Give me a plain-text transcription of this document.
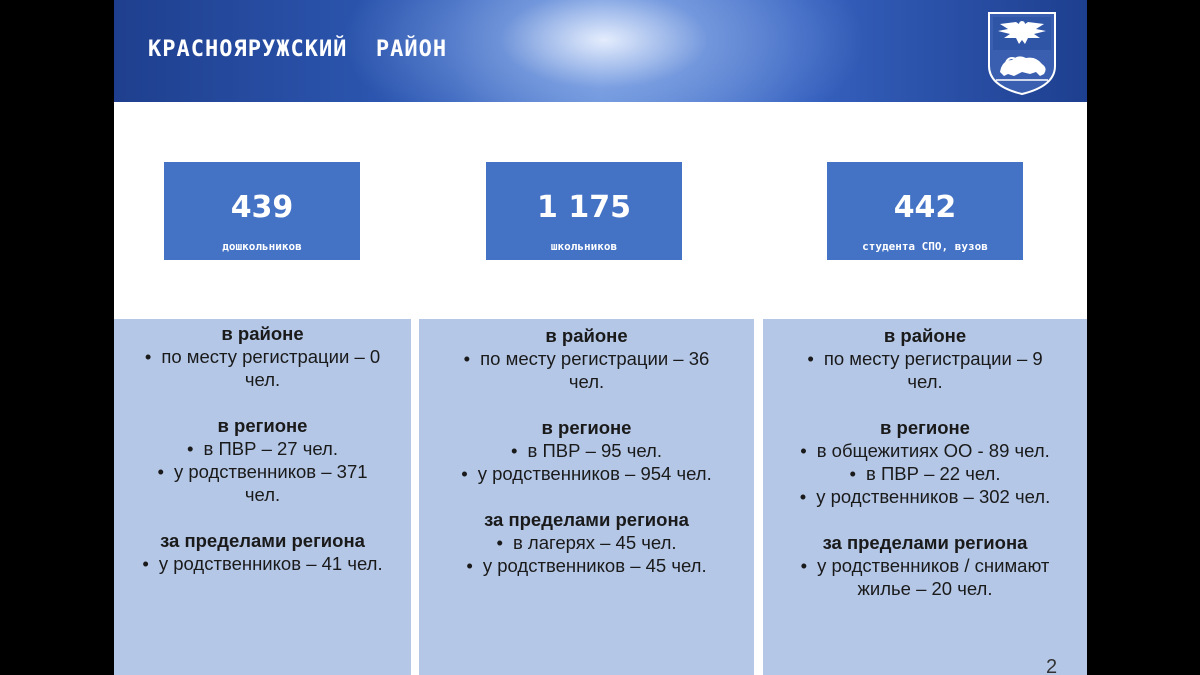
КРАСНОЯРУЖСКИЙ  РАЙОН
439
дошкольников
1 175
школьников
442
студента СПО, вузов
в районе
• по месту регистрации – 0
чел.
в регионе
• в ПВР – 27 чел.
• у родственников – 371
чел.
за пределами региона
• у родственников – 41 чел.
в районе
• по месту регистрации – 36
чел.
в регионе
• в ПВР – 95 чел.
• у родственников – 954 чел.
за пределами региона
• в лагерях – 45 чел.
• у родственников – 45 чел.
в районе
• по месту регистрации – 9
чел.
в регионе
• в общежитиях ОО - 89 чел.
• в ПВР – 22 чел.
• у родственников – 302 чел.
за пределами региона
• у родственников / снимают
жилье – 20 чел.
2
